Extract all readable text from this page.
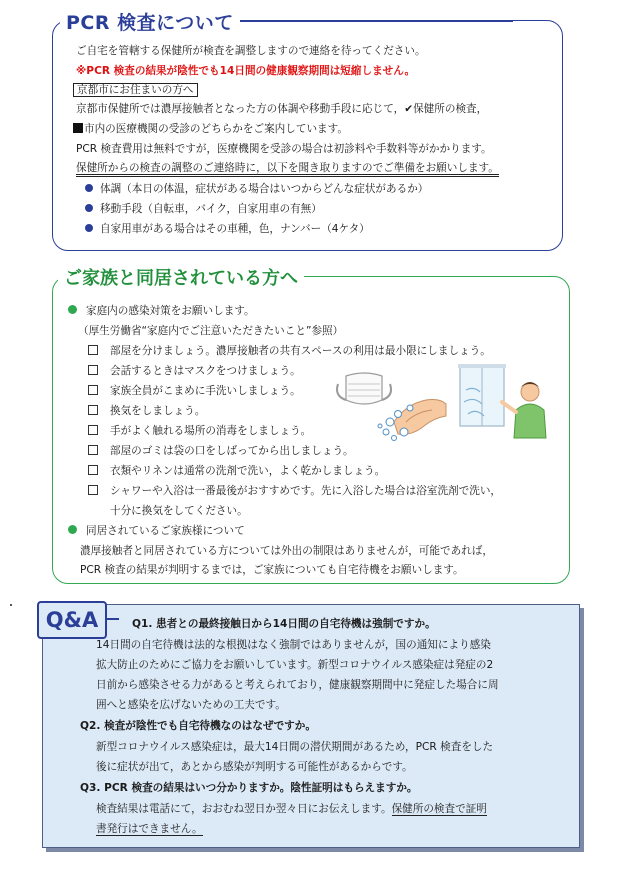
PCR 検査について
ご自宅を管轄する保健所が検査を調整しますので連絡を待ってください。
※PCR 検査の結果が陰性でも14日間の健康観察期間は短縮しません。
京都市にお住まいの方へ
京都市保健所では濃厚接触者となった方の体調や移動手段に応じて，✔保健所の検査，
市内の医療機関の受診のどちらかをご案内しています。
PCR 検査費用は無料ですが，医療機関を受診の場合は初診料や手数料等がかかります。
保健所からの検査の調整のご連絡時に，以下を聞き取りますのでご準備をお願いします。
体調（本日の体温，症状がある場合はいつからどんな症状があるか）
移動手段（自転車，バイク，自家用車の有無）
自家用車がある場合はその車種，色，ナンバー（4ケタ）
ご家族と同居されている方へ
家庭内の感染対策をお願いします。
（厚生労働省“家庭内でご注意いただきたいこと”参照）
部屋を分けましょう。濃厚接触者の共有スペースの利用は最小限にしましょう。
会話するときはマスクをつけましょう。
家族全員がこまめに手洗いしましょう。
換気をしましょう。
手がよく触れる場所の消毒をしましょう。
部屋のゴミは袋の口をしばってから出しましょう。
衣類やリネンは通常の洗剤で洗い，よく乾かしましょう。
シャワーや入浴は一番最後がおすすめです。先に入浴した場合は浴室洗剤で洗い，
十分に換気をしてください。
同居されているご家族様について
濃厚接触者と同居されている方については外出の制限はありませんが，可能であれば，
PCR 検査の結果が判明するまでは，ご家族についても自宅待機をお願いします。
Q&A	Q1. 患者との最終接触日から14日間の自宅待機は強制ですか。
14日間の自宅待機は法的な根拠はなく強制ではありませんが，国の通知により感染
拡大防止のためにご協力をお願いしています。新型コロナウイルス感染症は発症の2
日前から感染させる力があると考えられており，健康観察期間中に発症した場合に周
囲へと感染を広げないための工夫です。
Q2. 検査が陰性でも自宅待機なのはなぜですか。
新型コロナウイルス感染症は，最大14日間の潜伏期間があるため，PCR 検査をした
後に症状が出て，あとから感染が判明する可能性があるからです。
Q3. PCR 検査の結果はいつ分かりますか。陰性証明はもらえますか。
検査結果は電話にて，おおむね翌日か翌々日にお伝えします。保健所の検査で証明
書発行はできません。
